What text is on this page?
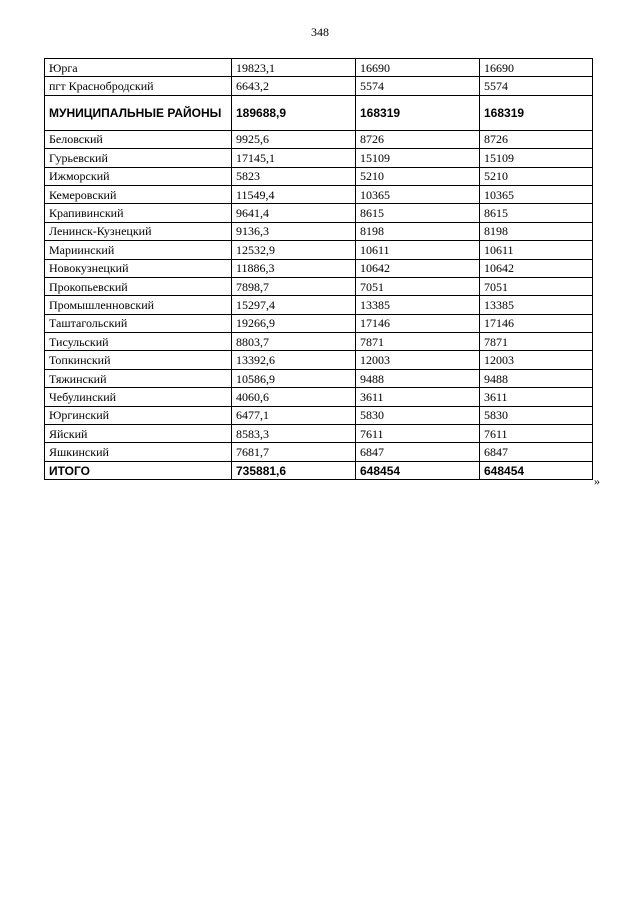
348
Юрга	19823,1	16690	16690
пгт Краснобродский	6643,2	5574	5574
МУНИЦИПАЛЬНЫЕ РАЙОНЫ	189688,9	168319	168319
Беловский	9925,6	8726	8726
Гурьевский	17145,1	15109	15109
Ижморский	5823	5210	5210
Кемеровский	11549,4	10365	10365
Крапивинский	9641,4	8615	8615
Ленинск-Кузнецкий	9136,3	8198	8198
Мариинский	12532,9	10611	10611
Новокузнецкий	11886,3	10642	10642
Прокопьевский	7898,7	7051	7051
Промышленновский	15297,4	13385	13385
Таштагольский	19266,9	17146	17146
Тисульский	8803,7	7871	7871
Топкинский	13392,6	12003	12003
Тяжинский	10586,9	9488	9488
Чебулинский	4060,6	3611	3611
Юргинский	6477,1	5830	5830
Яйский	8583,3	7611	7611
Яшкинский	7681,7	6847	6847
ИТОГО	735881,6	648454	648454
»
